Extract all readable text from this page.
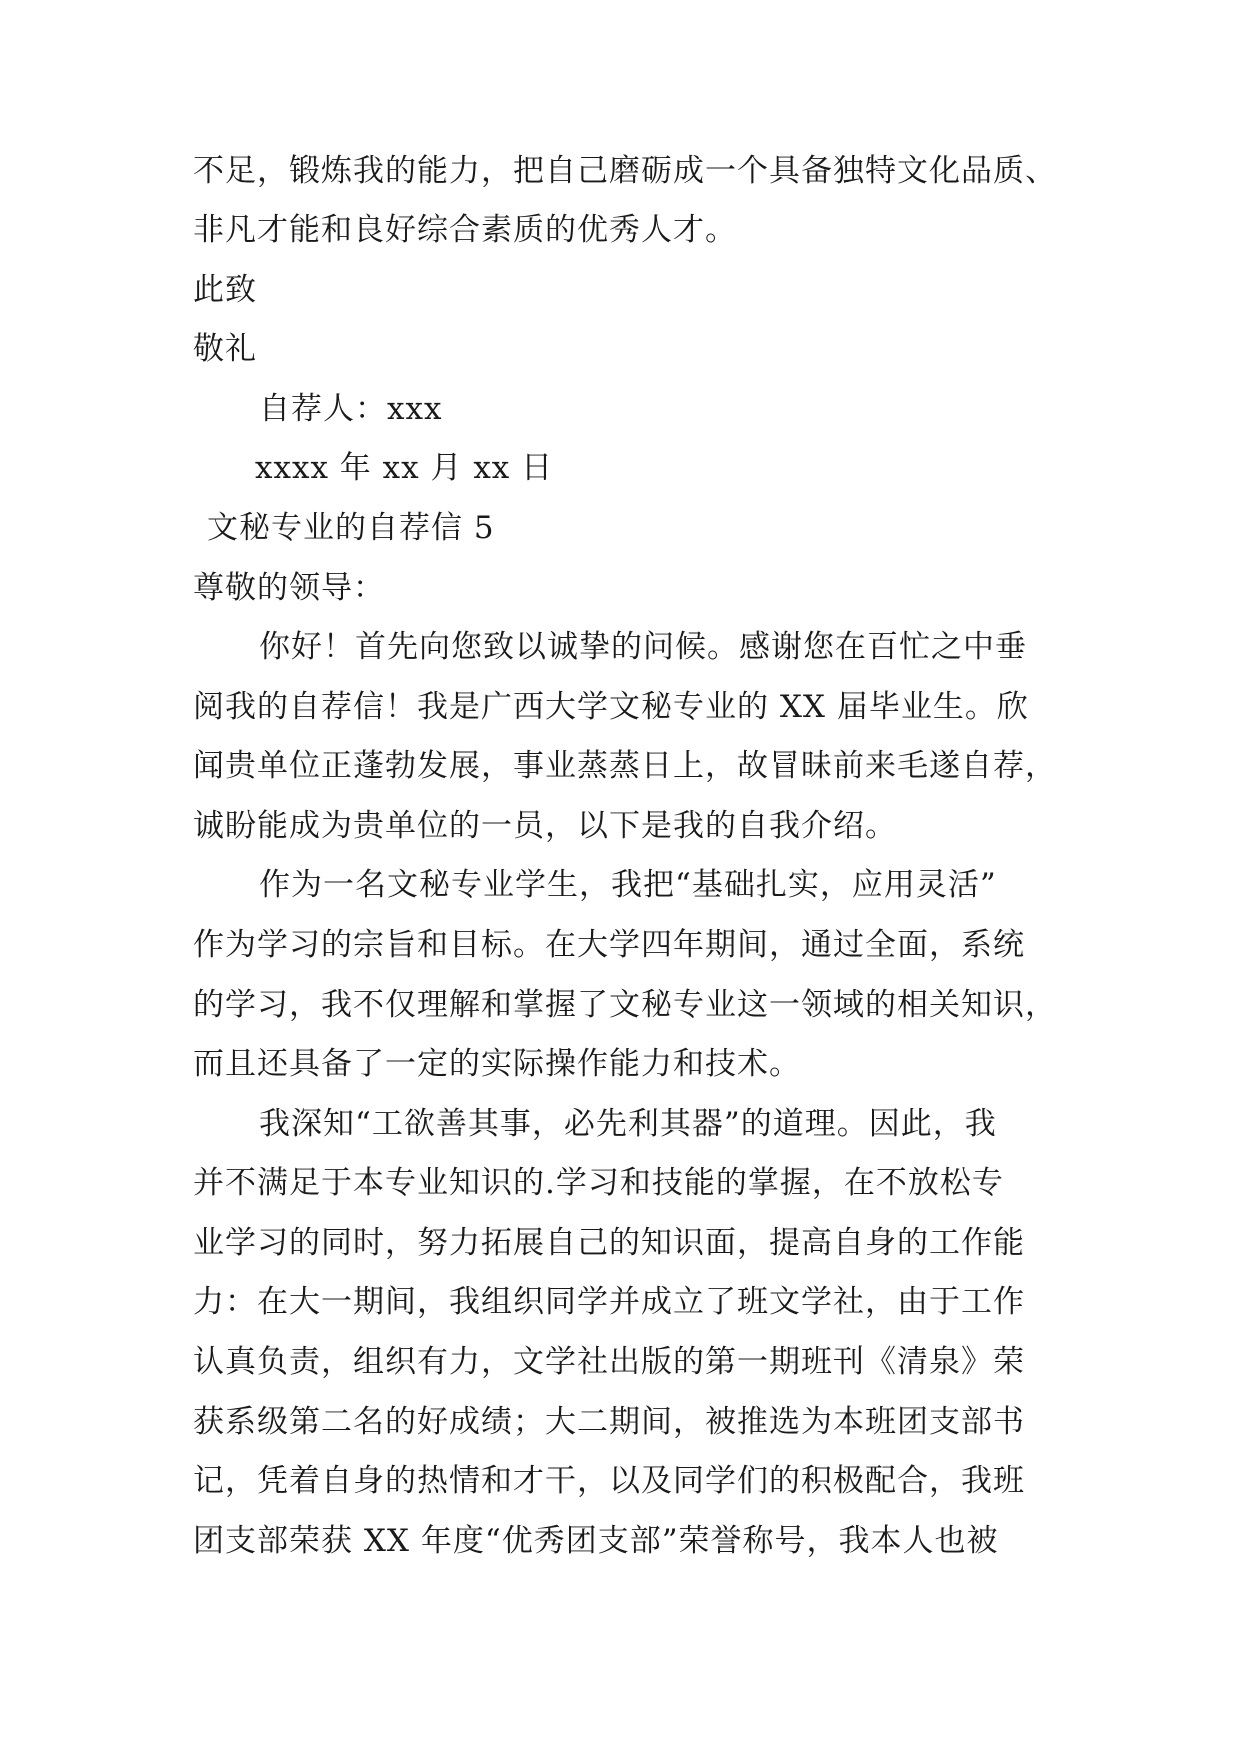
不足，锻炼我的能力，把自己磨砺成一个具备独特文化品质、
非凡才能和良好综合素质的优秀人才。
此致
敬礼
自荐人：xxx
xxxx 年 xx 月 xx 日
文秘专业的自荐信 5
尊敬的领导：
你好！首先向您致以诚挚的问候。感谢您在百忙之中垂
阅我的自荐信！我是广西大学文秘专业的 XX 届毕业生。欣
闻贵单位正蓬勃发展，事业蒸蒸日上，故冒昧前来毛遂自荐，
诚盼能成为贵单位的一员，以下是我的自我介绍。
作为一名文秘专业学生，我把“基础扎实，应用灵活”
作为学习的宗旨和目标。在大学四年期间，通过全面，系统
的学习，我不仅理解和掌握了文秘专业这一领域的相关知识，
而且还具备了一定的实际操作能力和技术。
我深知“工欲善其事，必先利其器”的道理。因此，我
并不满足于本专业知识的.学习和技能的掌握，在不放松专
业学习的同时，努力拓展自己的知识面，提高自身的工作能
力：在大一期间，我组织同学并成立了班文学社，由于工作
认真负责，组织有力，文学社出版的第一期班刊《清泉》荣
获系级第二名的好成绩；大二期间，被推选为本班团支部书
记，凭着自身的热情和才干，以及同学们的积极配合，我班
团支部荣获 XX 年度“优秀团支部”荣誉称号，我本人也被
